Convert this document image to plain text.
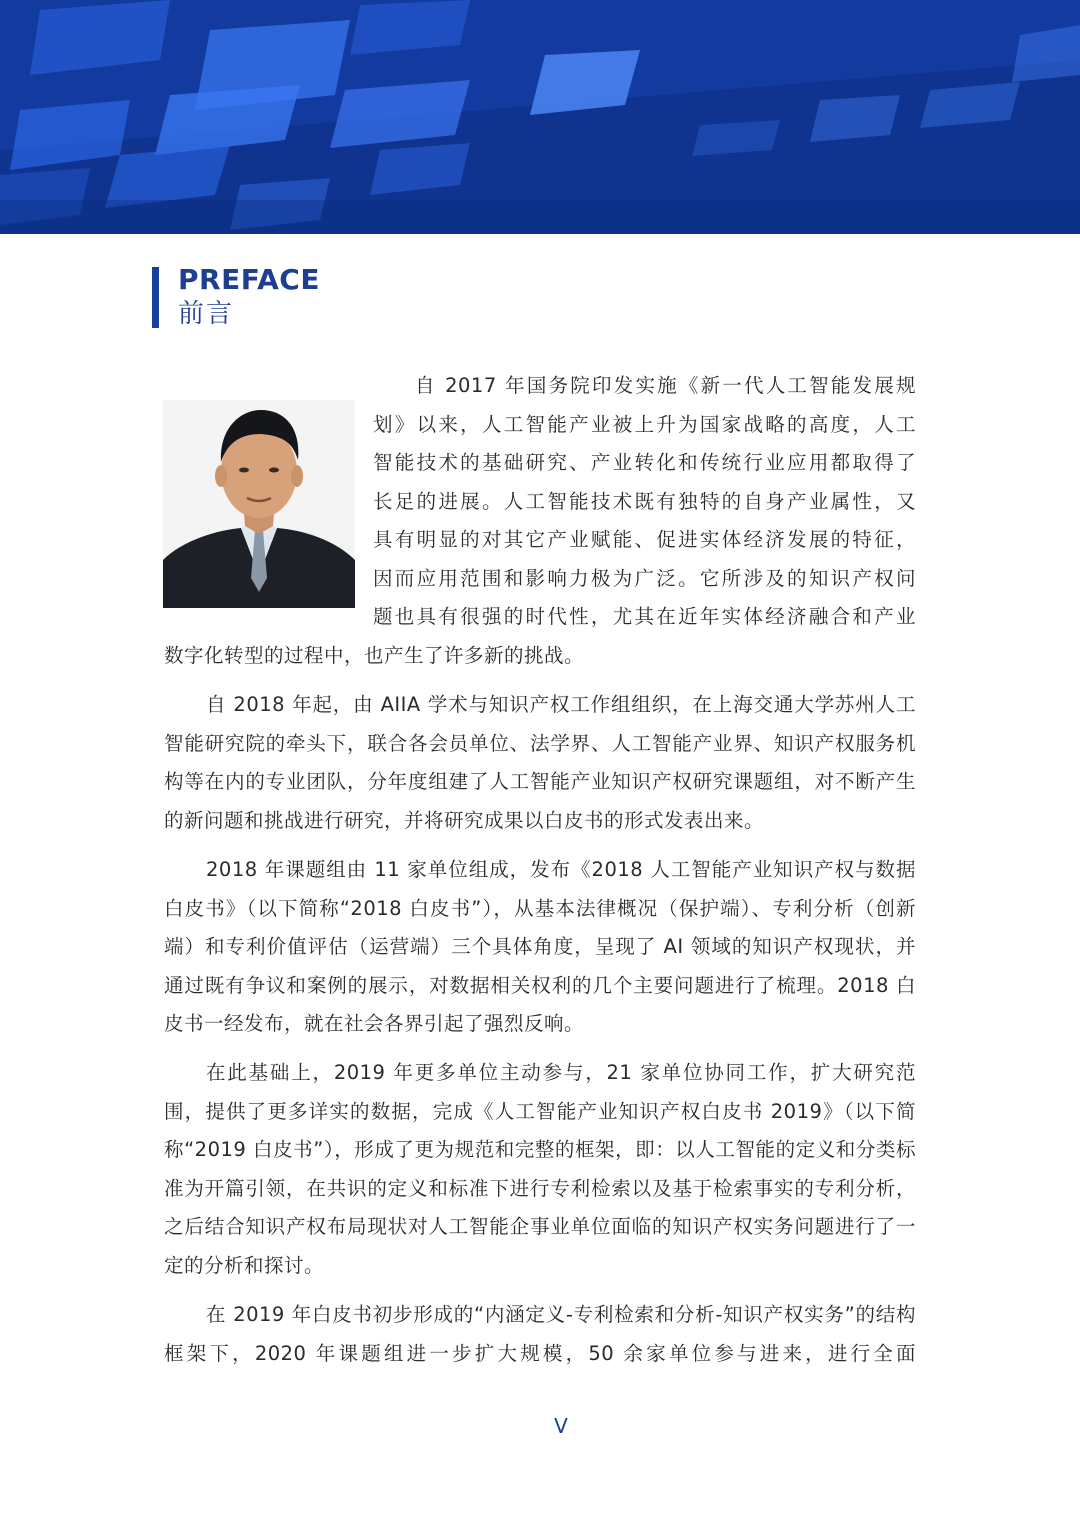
PREFACE
前言
自 2017 年国务院印发实施《新一代人工智能发展规
划》以来，人工智能产业被上升为国家战略的高度，人工
智能技术的基础研究、产业转化和传统行业应用都取得了
长足的进展。人工智能技术既有独特的自身产业属性，又
具有明显的对其它产业赋能、促进实体经济发展的特征，
因而应用范围和影响力极为广泛。它所涉及的知识产权问
题也具有很强的时代性，尤其在近年实体经济融合和产业
数字化转型的过程中，也产生了许多新的挑战。

自 2018 年起，由 AIIA 学术与知识产权工作组组织，在上海交通大学苏州人工智能研究院的牵头下，联合各会员单位、法学界、人工智能产业界、知识产权服务机构等在内的专业团队，分年度组建了人工智能产业知识产权研究课题组，对不断产生的新问题和挑战进行研究，并将研究成果以白皮书的形式发表出来。

2018 年课题组由 11 家单位组成，发布《2018 人工智能产业知识产权与数据白皮书》（以下简称“2018 白皮书”），从基本法律概况（保护端）、专利分析（创新端）和专利价值评估（运营端）三个具体角度，呈现了 AI 领域的知识产权现状，并通过既有争议和案例的展示，对数据相关权利的几个主要问题进行了梳理。2018 白皮书一经发布，就在社会各界引起了强烈反响。

在此基础上，2019 年更多单位主动参与，21 家单位协同工作，扩大研究范围，提供了更多详实的数据，完成《人工智能产业知识产权白皮书 2019》（以下简称“2019 白皮书”），形成了更为规范和完整的框架，即：以人工智能的定义和分类标准为开篇引领，在共识的定义和标准下进行专利检索以及基于检索事实的专利分析，之后结合知识产权布局现状对人工智能企事业单位面临的知识产权实务问题进行了一定的分析和探讨。

在 2019 年白皮书初步形成的“内涵定义-专利检索和分析-知识产权实务”的结构框架下，2020 年课题组进一步扩大规模，50 余家单位参与进来，进行全面

V
